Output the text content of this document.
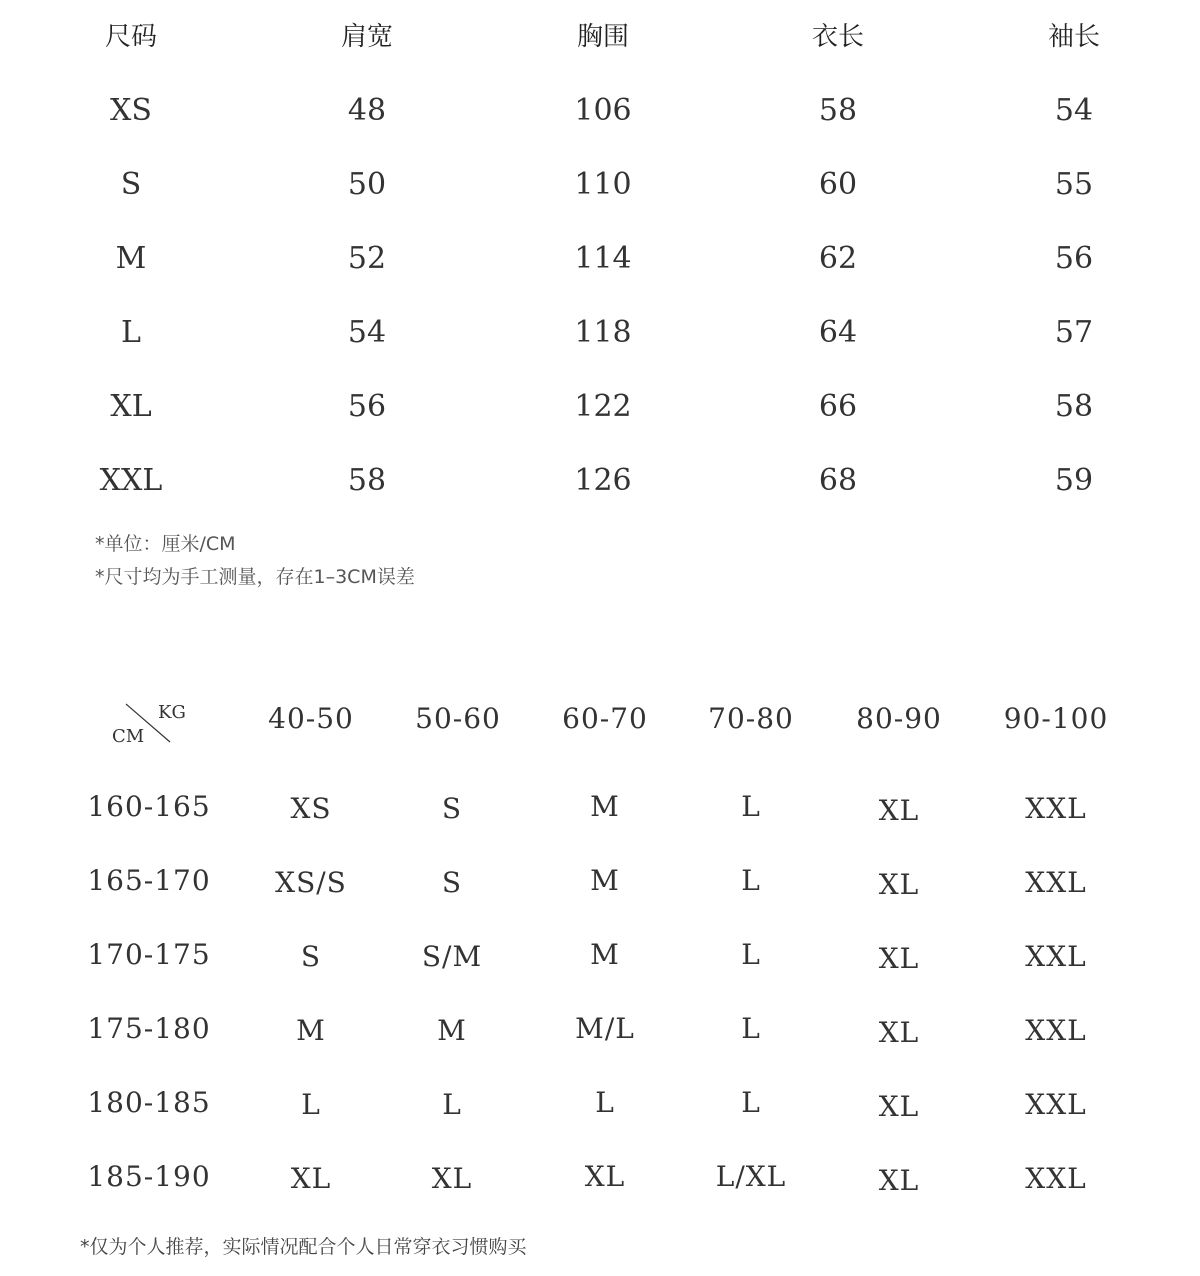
尺码	肩宽	胸围	衣长	袖长
XS	48	106	58	54
S	50	110	60	55
M	52	114	62	56
L	54	118	64	57
XL	56	122	66	58
XXL	58	126	68	59
*单位：厘米/CM
*尺寸均为手工测量，存在1–3CM误差
KG
CM
40-50 50-60 60-70 70-80 80-90 90-100
160-165	XS	S	M	L	XL	XXL
165-170 XS/S	S	M	L	XL	XXL
170-175	S	S/M	M	L	XL	XXL
175-180	M	M	M/L	L	XL	XXL
180-185	L	L	L	L	XL	XXL
185-190	XL	XL	XL	L/XL	XL	XXL
*仅为个人推荐，实际情况配合个人日常穿衣习惯购买
